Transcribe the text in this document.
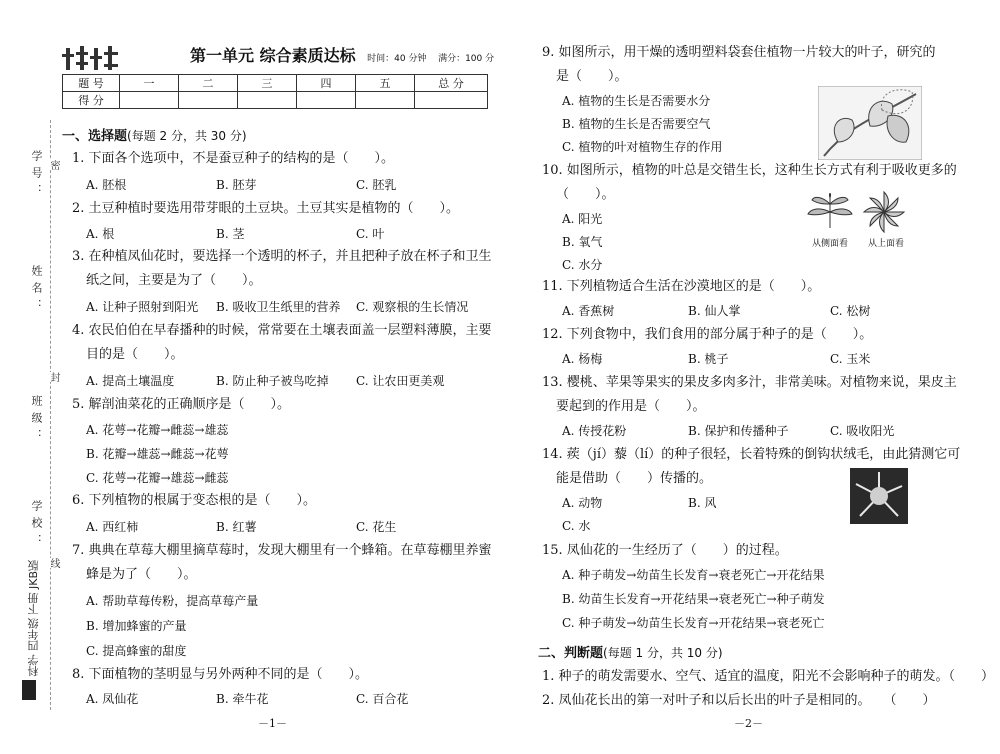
学号：
姓名：
班级：
学校：
密
封
线
科学 四年级 下册 JKB版
第一单元 综合素质达标 时间：40 分钟 满分：100 分
题 号	一	二	三	四	五	总 分
得 分						
一、选择题(每题 2 分，共 30 分)
1. 下面各个选项中，不是蚕豆种子的结构的是（　　）。
A. 胚根	B. 胚芽	C. 胚乳
2. 土豆种植时要选用带芽眼的土豆块。土豆其实是植物的（　　）。
A. 根	B. 茎	C. 叶
3. 在种植凤仙花时，要选择一个透明的杯子，并且把种子放在杯子和卫生
纸之间，主要是为了（　　）。
A. 让种子照射到阳光 B. 吸收卫生纸里的营养 C. 观察根的生长情况
4. 农民伯伯在早春播种的时候，常常要在土壤表面盖一层塑料薄膜，主要
目的是（　　）。
A. 提高土壤温度	B. 防止种子被鸟吃掉 C. 让农田更美观
5. 解剖油菜花的正确顺序是（　　）。
A. 花萼→花瓣→雌蕊→雄蕊
B. 花瓣→雄蕊→雌蕊→花萼
C. 花萼→花瓣→雄蕊→雌蕊
6. 下列植物的根属于变态根的是（　　）。
A. 西红柿	B. 红薯	C. 花生
7. 典典在草莓大棚里摘草莓时，发现大棚里有一个蜂箱。在草莓棚里养蜜
蜂是为了（　　）。
A. 帮助草莓传粉，提高草莓产量
B. 增加蜂蜜的产量
C. 提高蜂蜜的甜度
8. 下面植物的茎明显与另外两种不同的是（　　）。
A. 凤仙花	B. 牵牛花	C. 百合花
－1－
9. 如图所示，用干燥的透明塑料袋套住植物一片较大的叶子，研究的
是（　　）。
A. 植物的生长是否需要水分
B. 植物的生长是否需要空气
C. 植物的叶对植物生存的作用
10. 如图所示，植物的叶总是交错生长，这种生长方式有利于吸收更多的
（　　）。
A. 阳光
B. 氧气
C. 水分
从侧面看 从上面看
11. 下列植物适合生活在沙漠地区的是（　　）。
A. 香蕉树	B. 仙人掌	C. 松树
12. 下列食物中，我们食用的部分属于种子的是（　　）。
A. 杨梅	B. 桃子	C. 玉米
13. 樱桃、苹果等果实的果皮多肉多汁，非常美味。对植物来说，果皮主
要起到的作用是（　　）。
A. 传授花粉	B. 保护和传播种子	C. 吸收阳光
14. 蒺（jí）藜（lí）的种子很轻，长着特殊的倒钩状绒毛，由此猜测它可
能是借助（　　）传播的。
A. 动物	B. 风
C. 水
15. 凤仙花的一生经历了（　　）的过程。
A. 种子萌发→幼苗生长发育→衰老死亡→开花结果
B. 幼苗生长发育→开花结果→衰老死亡→种子萌发
C. 种子萌发→幼苗生长发育→开花结果→衰老死亡
二、判断题(每题 1 分，共 10 分)
1. 种子的萌发需要水、空气、适宜的温度，阳光不会影响种子的萌发。（　　）
2. 凤仙花长出的第一对叶子和以后长出的叶子是相同的。　　（　　）
－2－
